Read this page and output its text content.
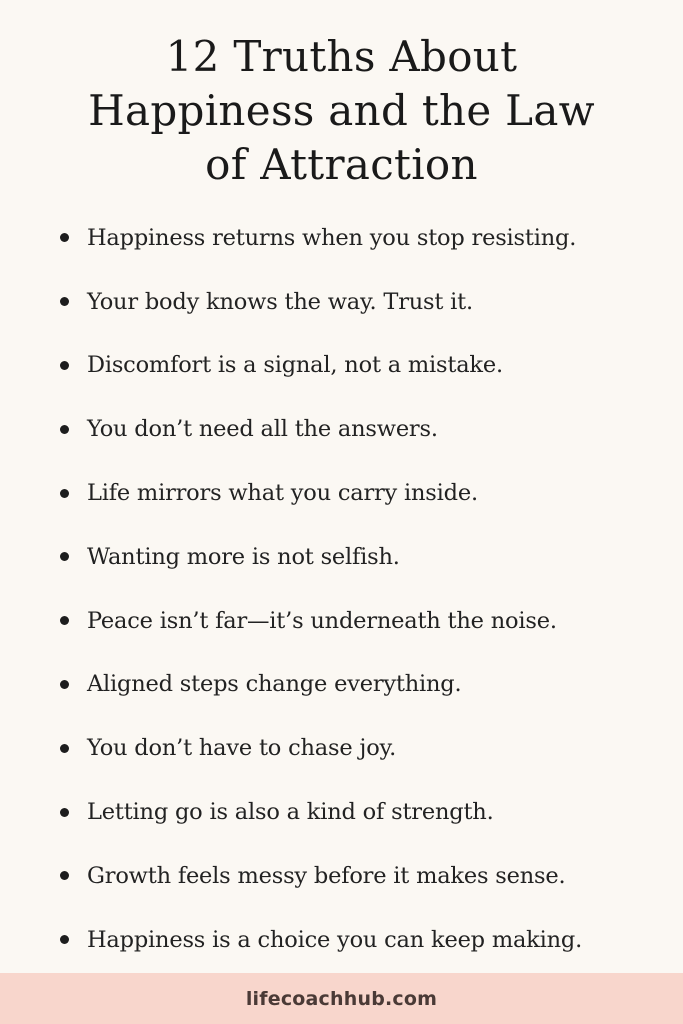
12 Truths About
Happiness and the Law
of Attraction
Happiness returns when you stop resisting.
Your body knows the way. Trust it.
Discomfort is a signal, not a mistake.
You don’t need all the answers.
Life mirrors what you carry inside.
Wanting more is not selfish.
Peace isn’t far—it’s underneath the noise.
Aligned steps change everything.
You don’t have to chase joy.
Letting go is also a kind of strength.
Growth feels messy before it makes sense.
Happiness is a choice you can keep making.
lifecoachhub.com
